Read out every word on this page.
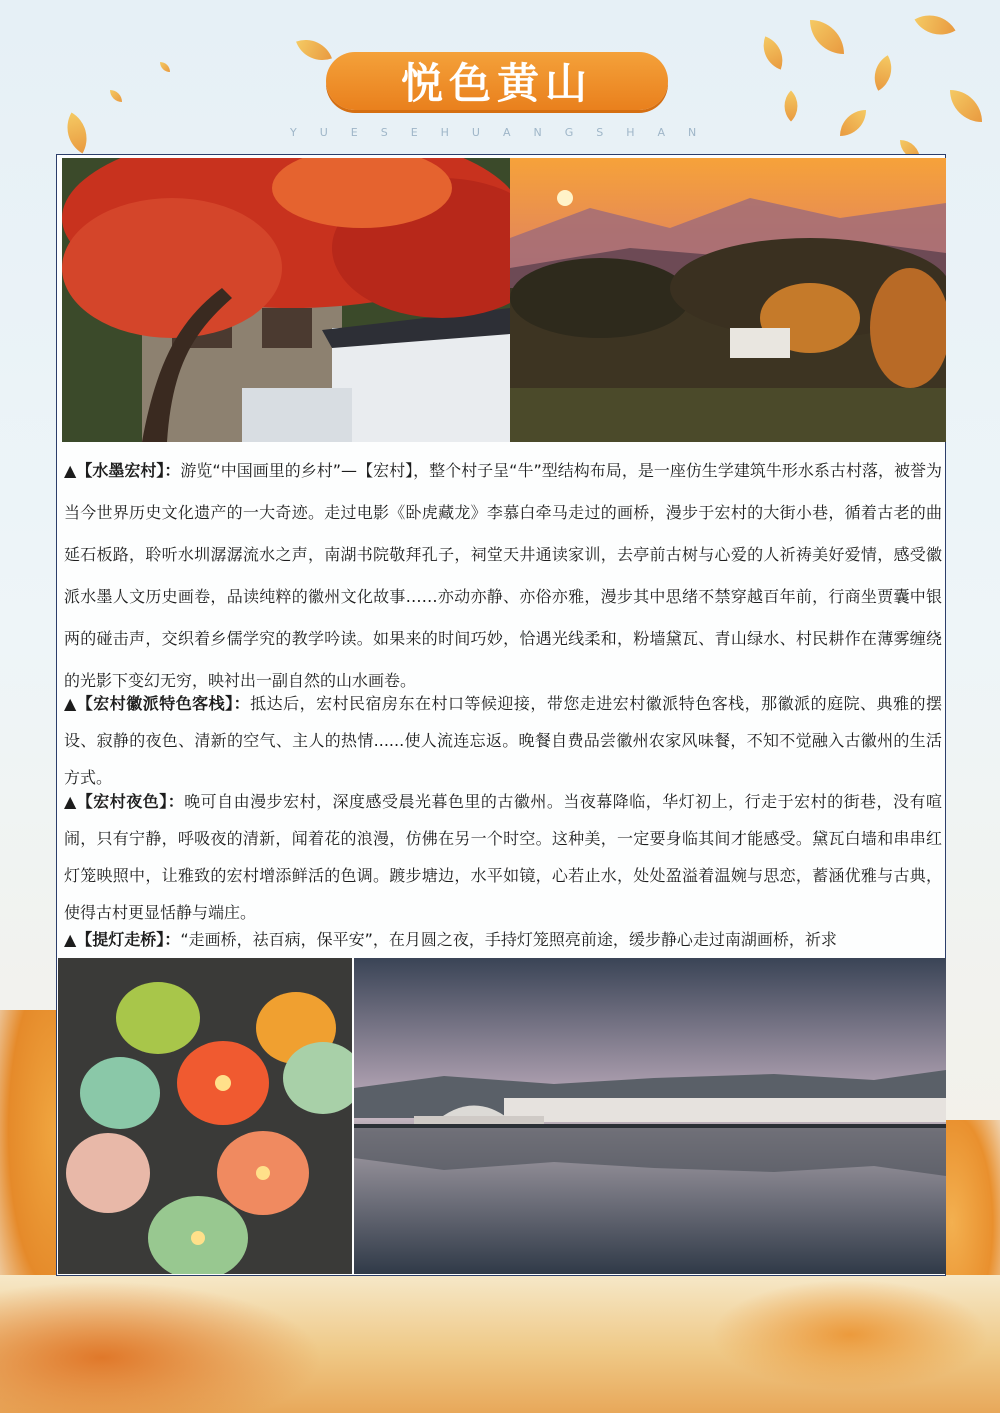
悦色黄山
YUESEHUANGSHAN

▲【水墨宏村】：游览“中国画里的乡村”—【宏村】，整个村子呈“牛”型结构布局，是一座仿生学建筑牛形水系古村落，被誉为当今世界历史文化遗产的一大奇迹。走过电影《卧虎藏龙》李慕白牵马走过的画桥，漫步于宏村的大街小巷，循着古老的曲延石板路，聆听水圳潺潺流水之声，南湖书院敬拜孔子，祠堂天井通读家训，去亭前古树与心爱的人祈祷美好爱情，感受徽派水墨人文历史画卷，品读纯粹的徽州文化故事……亦动亦静、亦俗亦雅，漫步其中思绪不禁穿越百年前，行商坐贾囊中银两的碰击声，交织着乡儒学究的教学吟读。如果来的时间巧妙，恰遇光线柔和，粉墙黛瓦、青山绿水、村民耕作在薄雾缠绕的光影下变幻无穷，映衬出一副自然的山水画卷。

▲【宏村徽派特色客栈】：抵达后，宏村民宿房东在村口等候迎接，带您走进宏村徽派特色客栈，那徽派的庭院、典雅的摆设、寂静的夜色、清新的空气、主人的热情......使人流连忘返。晚餐自费品尝徽州农家风味餐，不知不觉融入古徽州的生活方式。

▲【宏村夜色】：晚可自由漫步宏村，深度感受晨光暮色里的古徽州。当夜幕降临，华灯初上，行走于宏村的街巷，没有喧闹，只有宁静，呼吸夜的清新，闻着花的浪漫，仿佛在另一个时空。这种美，一定要身临其间才能感受。黛瓦白墙和串串红灯笼映照中，让雅致的宏村增添鲜活的色调。踱步塘边，水平如镜，心若止水，处处盈溢着温婉与思恋，蓄涵优雅与古典，使得古村更显恬静与端庄。

▲【提灯走桥】：“走画桥，祛百病，保平安”，在月圆之夜，手持灯笼照亮前途，缓步静心走过南湖画桥，祈求
